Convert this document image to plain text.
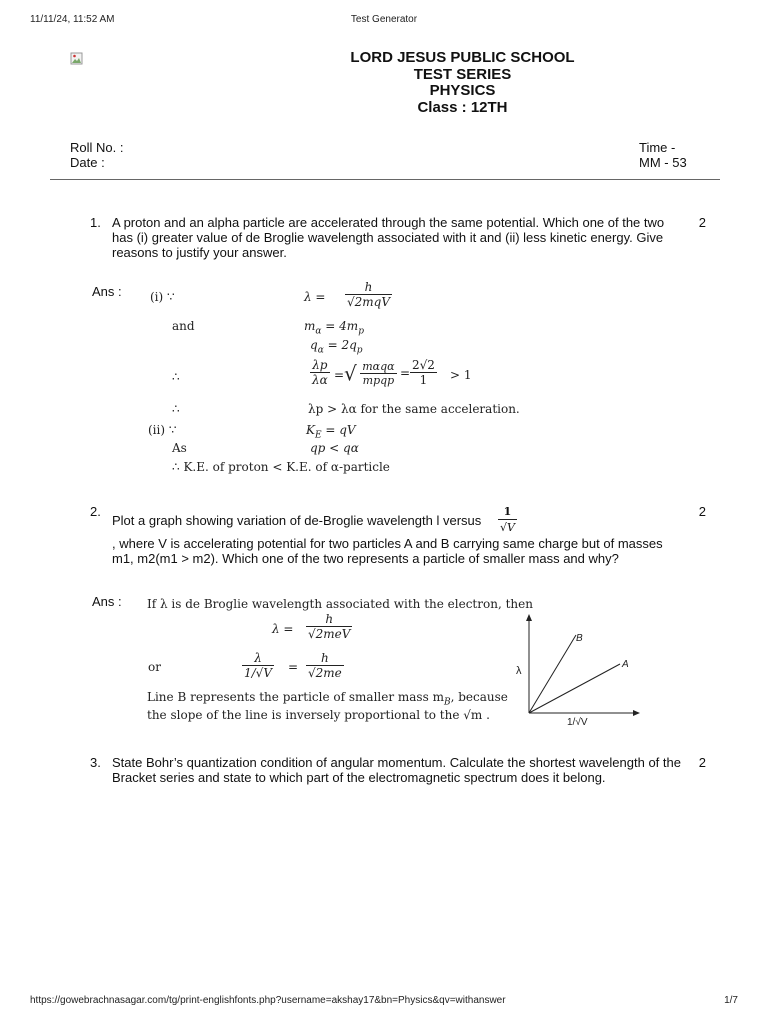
11/11/24, 11:52 AM	Test Generator
LORD JESUS PUBLIC SCHOOL
TEST SERIES
PHYSICS
Class : 12TH
Roll No. :
Date :
Time -
MM - 53
1. A proton and an alpha particle are accelerated through the same potential. Which one of the two has (i) greater value of de Broglie wavelength associated with it and (ii) less kinetic energy. Give reasons to justify your answer.
2
Ans : (i) ∵	$\lambda = \frac{h}{\text{√2mqV}}$
and	$m_\alpha = 4m_p$
$q_\alpha = 2q_p$
∴	$\frac{\lambda p}{\lambda\alpha}$ = √ $\frac{\text{mαqα}}{\text{mpqp}} = \frac{2√2}{1} > 1$
∴	λp > λα for the same acceleration.
(ii) ∵	$K_E$ = qV
As	qp < qα
∴ K.E. of proton < K.E. of α-particle
2.
Plot a graph showing variation of de-Broglie wavelength l versus $\frac{1}{√V}$
, where V is accelerating potential for two particles A and B carrying same charge but of masses m1, m2(m1 > m2). Which one of the two represents a particle of smaller mass and why?
2
Ans : If λ is de Broglie wavelength associated with the electron, then
$\lambda = \frac{h}{\text{√2meV}}$
or	$\frac{\lambda}{1/√V} = \frac{h}{√2me}$
Line B represents the particle of smaller mass $m_B$, because
the slope of the line is inversely proportional to the √m .
B
A
λ
1/√V
3. State Bohr’s quantization condition of angular momentum. Calculate the shortest wavelength of the Bracket series and state to which part of the electromagnetic spectrum does it belong.
2
https://gowebrachnasagar.com/tg/print-englishfonts.php?username=akshay17&bn=Physics&qv=withanswer	1/7
